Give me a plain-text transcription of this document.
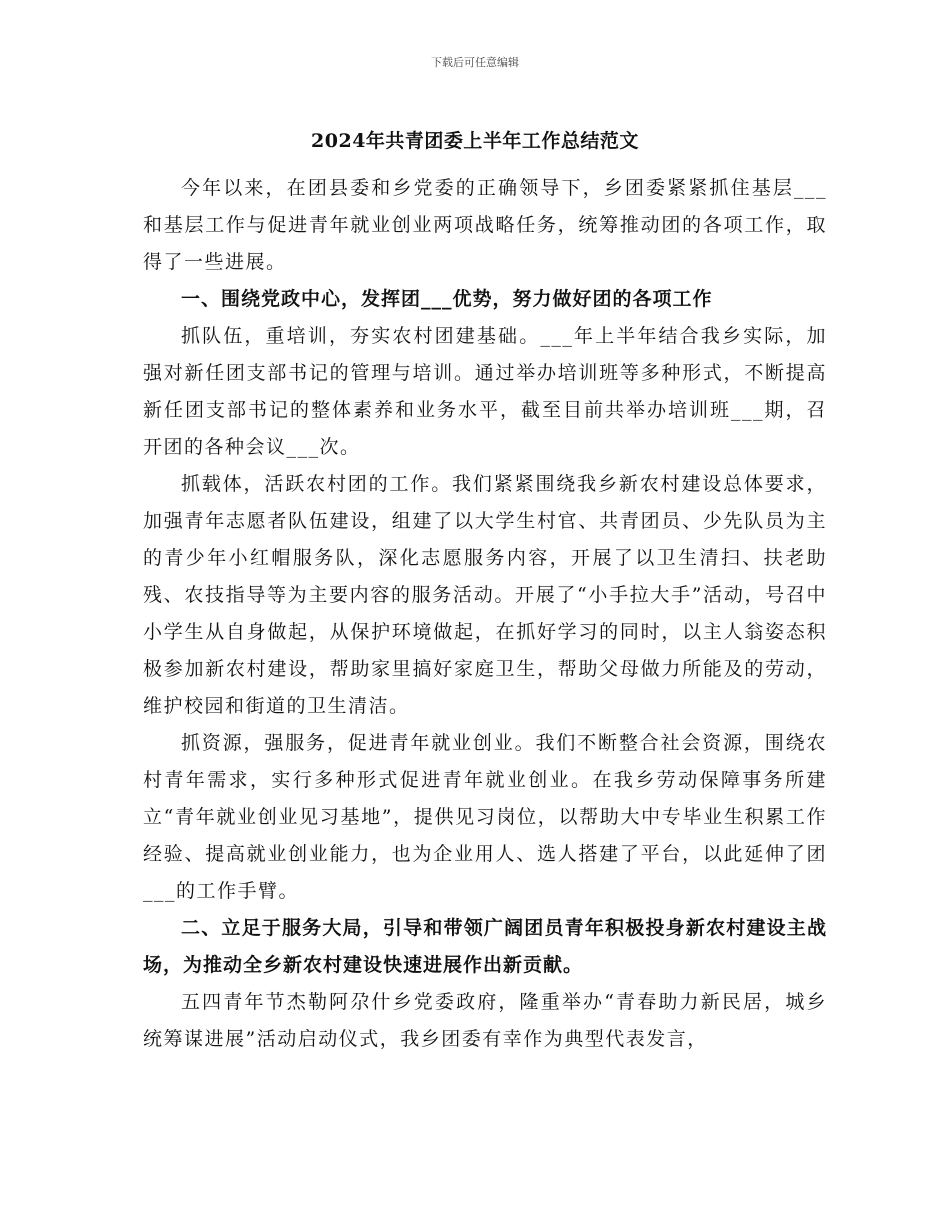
下载后可任意编辑
2024年共青团委上半年工作总结范文

今年以来，在团县委和乡党委的正确领导下，乡团委紧紧抓住基层___和基层工作与促进青年就业创业两项战略任务，统筹推动团的各项工作，取得了一些进展。

一、围绕党政中心，发挥团___优势，努力做好团的各项工作

抓队伍，重培训，夯实农村团建基础。___年上半年结合我乡实际，加强对新任团支部书记的管理与培训。通过举办培训班等多种形式，不断提高新任团支部书记的整体素养和业务水平，截至目前共举办培训班___期，召开团的各种会议___次。

抓载体，活跃农村团的工作。我们紧紧围绕我乡新农村建设总体要求，加强青年志愿者队伍建设，组建了以大学生村官、共青团员、少先队员为主的青少年小红帽服务队，深化志愿服务内容，开展了以卫生清扫、扶老助残、农技指导等为主要内容的服务活动。开展了“小手拉大手”活动，号召中小学生从自身做起，从保护环境做起，在抓好学习的同时，以主人翁姿态积极参加新农村建设，帮助家里搞好家庭卫生，帮助父母做力所能及的劳动，维护校园和街道的卫生清洁。

抓资源，强服务，促进青年就业创业。我们不断整合社会资源，围绕农村青年需求，实行多种形式促进青年就业创业。在我乡劳动保障事务所建立“青年就业创业见习基地”，提供见习岗位，以帮助大中专毕业生积累工作经验、提高就业创业能力，也为企业用人、选人搭建了平台，以此延伸了团___的工作手臂。

二、立足于服务大局，引导和带领广阔团员青年积极投身新农村建设主战场，为推动全乡新农村建设快速进展作出新贡献。

五四青年节杰勒阿尕什乡党委政府，隆重举办“青春助力新民居，城乡统筹谋进展”活动启动仪式，我乡团委有幸作为典型代表发言，
